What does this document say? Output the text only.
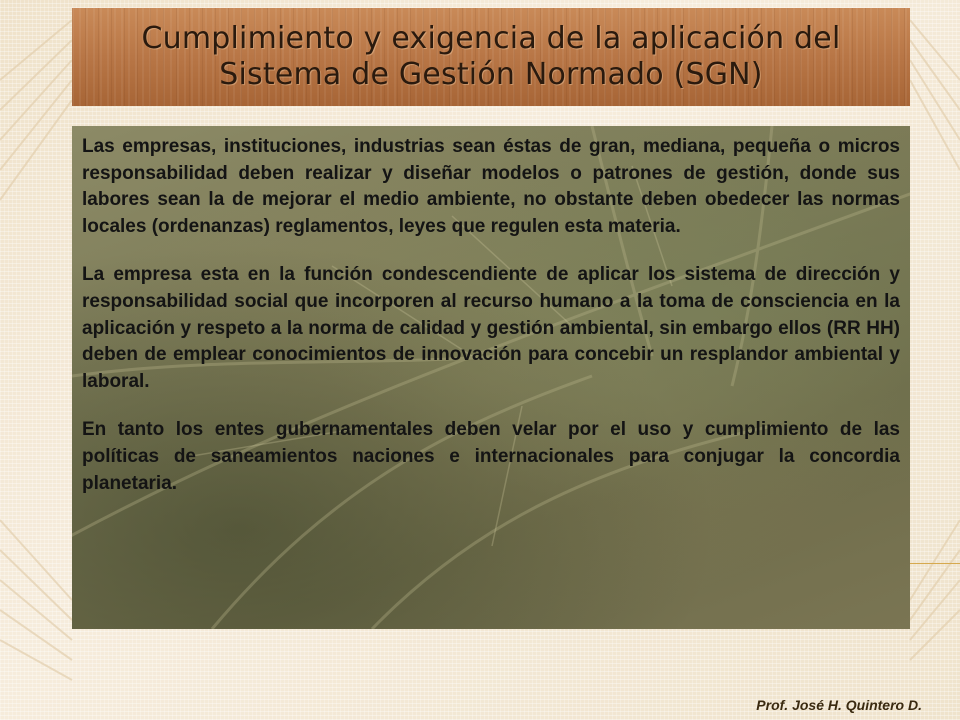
Cumplimiento y exigencia de la aplicación del
Sistema de Gestión Normado (SGN)

Las empresas, instituciones, industrias sean éstas de gran, mediana, pequeña o micros responsabilidad deben realizar y diseñar modelos o patrones de gestión, donde sus labores sean la de mejorar el medio ambiente, no obstante deben obedecer las normas locales (ordenanzas) reglamentos, leyes que regulen esta materia.

La empresa esta en la función condescendiente de aplicar los sistema de dirección y responsabilidad social que incorporen al recurso humano a la toma de consciencia en la aplicación y respeto a la norma de calidad y gestión ambiental, sin embargo ellos (RR HH) deben de emplear conocimientos de innovación para concebir un resplandor ambiental y laboral.

En tanto los entes gubernamentales deben velar por el uso y cumplimiento de las políticas de saneamientos naciones e internacionales para conjugar la concordia planetaria.

Prof. José H. Quintero D.
